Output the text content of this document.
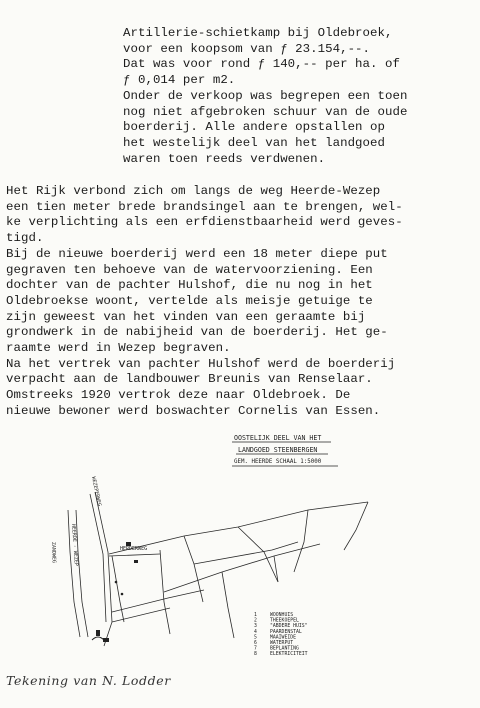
Artillerie-schietkamp bij Oldebroek,
voor een koopsom van ƒ 23.154,--.
Dat was voor rond ƒ 140,-- per ha. of
ƒ 0,014 per m2.
Onder de verkoop was begrepen een toen
nog niet afgebroken schuur van de oude
boerderij. Alle andere opstallen op
het westelijk deel van het landgoed
waren toen reeds verdwenen.
Het Rijk verbond zich om langs de weg Heerde-Wezep
een tien meter brede brandsingel aan te brengen, wel-
ke verplichting als een erfdienstbaarheid werd geves-
tigd.
Bij de nieuwe boerderij werd een 18 meter diepe put
gegraven ten behoeve van de watervoorziening. Een
dochter van de pachter Hulshof, die nu nog in het
Oldebroekse woont, vertelde als meisje getuige te
zijn geweest van het vinden van een geraamte bij
grondwerk in de nabijheid van de boerderij. Het ge-
raamte werd in Wezep begraven.
Na het vertrek van pachter Hulshof werd de boerderij
verpacht aan de landbouwer Breunis van Renselaar.
Omstreeks 1920 vertrok deze naar Oldebroek. De
nieuwe bewoner werd boswachter Cornelis van Essen.
OOSTELIJK DEEL VAN HET
LANDGOED STEENBERGEN
GEM. HEERDE SCHAAL 1:5000
WEZEPERWEG
HERDERWEG
ZANDWEG	HEERDE - WEZEP
1	WOONHUIS
2	THEEKOEPEL
3	"ABDERE HUIS"
4	PAARDENSTAL
5	MAAIWEIDE
6	WATERPUT
7	BEPLANTING
8	ELEKTRICITEIT
Tekening van N. Lodder
